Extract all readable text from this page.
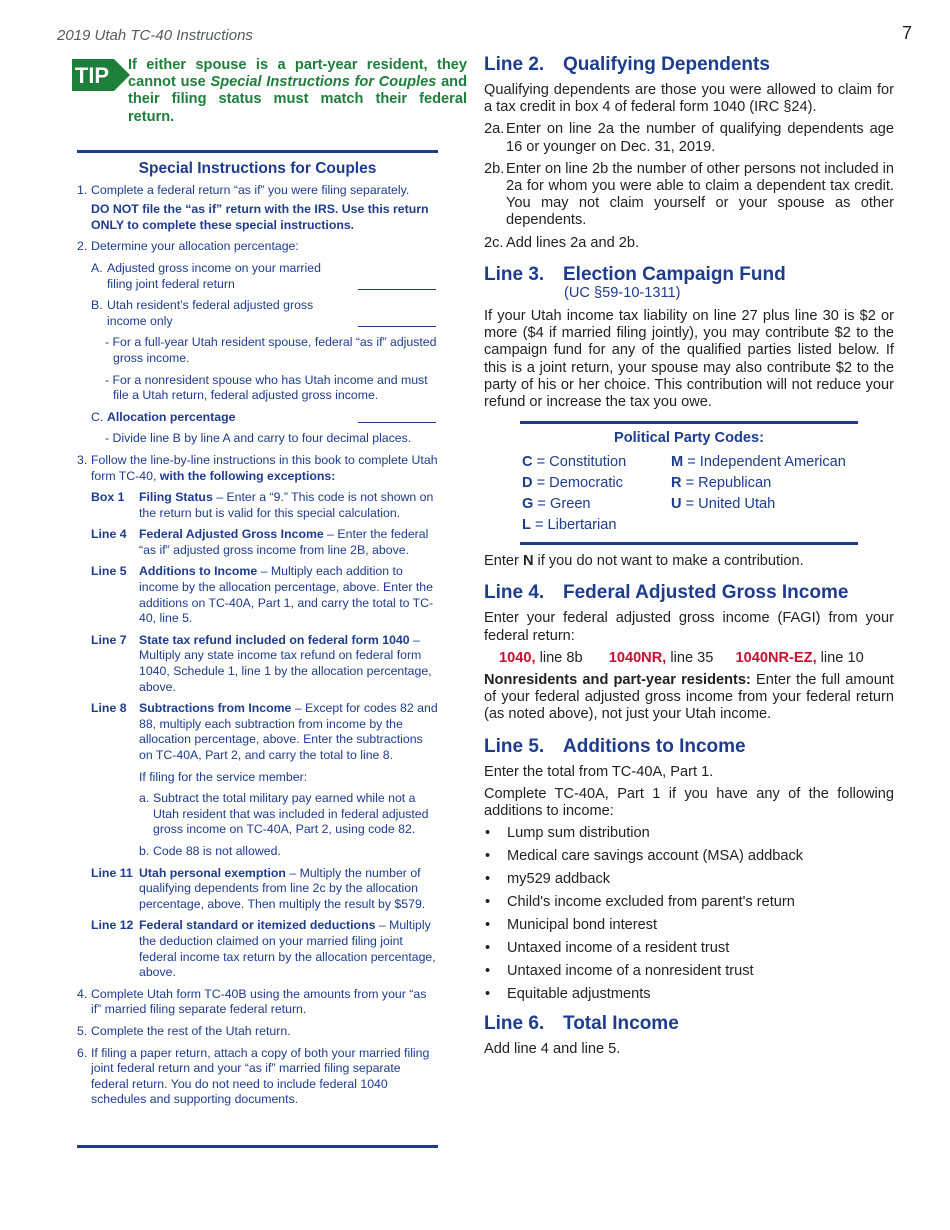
2019 Utah TC-40 Instructions	7
TIP If either spouse is a part-year resident, they cannot use Special Instructions for Couples and their filing status must match their federal return.
Special Instructions for Couples
1. Complete a federal return “as if” you were filing separately.
DO NOT file the “as if” return with the IRS. Use this return ONLY to complete these special instructions.
2. Determine your allocation percentage:
A. Adjusted gross income on your married filing joint federal return
B. Utah resident’s federal adjusted gross income only
- For a full-year Utah resident spouse, federal “as if” adjusted gross income.
- For a nonresident spouse who has Utah income and must file a Utah return, federal adjusted gross income.
C. Allocation percentage
- Divide line B by line A and carry to four decimal places.
3. Follow the line-by-line instructions in this book to complete Utah form TC-40, with the following exceptions:
Box 1 Filing Status – Enter a “9.” This code is not shown on the return but is valid for this special calculation.
Line 4 Federal Adjusted Gross Income – Enter the federal “as if” adjusted gross income from line 2B, above.
Line 5 Additions to Income – Multiply each addition to income by the allocation percentage, above. Enter the additions on TC-40A, Part 1, and carry the total to TC-40, line 5.
Line 7 State tax refund included on federal form 1040 – Multiply any state income tax refund on federal form 1040, Schedule 1, line 1 by the allocation percentage, above.
Line 8 Subtractions from Income – Except for codes 82 and 88, multiply each subtraction from income by the allocation percentage, above. Enter the subtractions on TC-40A, Part 2, and carry the total to line 8.
If filing for the service member:
a. Subtract the total military pay earned while not a Utah resident that was included in federal adjusted gross income on TC-40A, Part 2, using code 82.
b. Code 88 is not allowed.
Line 11 Utah personal exemption – Multiply the number of qualifying dependents from line 2c by the allocation percentage, above. Then multiply the result by $579.
Line 12 Federal standard or itemized deductions – Multiply the deduction claimed on your married filing joint federal income tax return by the allocation percentage, above.
4. Complete Utah form TC-40B using the amounts from your “as if” married filing separate federal return.
5. Complete the rest of the Utah return.
6. If filing a paper return, attach a copy of both your married filing joint federal return and your “as if” married filing separate federal return. You do not need to include federal 1040 schedules and supporting documents.
Line 2. Qualifying Dependents

Qualifying dependents are those you were allowed to claim for a tax credit in box 4 of federal form 1040 (IRC §24).

2a. Enter on line 2a the number of qualifying dependents age 16 or younger on Dec. 31, 2019.
2b. Enter on line 2b the number of other persons not included in 2a for whom you were able to claim a dependent tax credit. You may not claim yourself or your spouse as other dependents.
2c. Add lines 2a and 2b.
Line 3. Election Campaign Fund
(UC §59-10-1311)

If your Utah income tax liability on line 27 plus line 30 is $2 or more ($4 if married filing jointly), you may contribute $2 to the campaign fund for any of the qualified parties listed below. If this is a joint return, your spouse may also contribute $2 to the party of his or her choice. This contribution will not reduce your refund or increase the tax you owe.

Political Party Codes:
C = Constitution	M = Independent American
D = Democratic	R = Republican
G = Green	U = United Utah
L = Libertarian

Enter N if you do not want to make a contribution.

Line 4. Federal Adjusted Gross Income

Enter your federal adjusted gross income (FAGI) from your federal return:

1040, line 8b 1040NR, line 35 1040NR-EZ, line 10

Nonresidents and part-year residents: Enter the full amount of your federal adjusted gross income from your federal return (as noted above), not just your Utah income.

Line 5. Additions to Income

Enter the total from TC-40A, Part 1.

Complete TC-40A, Part 1 if you have any of the following additions to income:

• Lump sum distribution
• Medical care savings account (MSA) addback
• my529 addback
• Child's income excluded from parent's return
• Municipal bond interest
• Untaxed income of a resident trust
• Untaxed income of a nonresident trust
• Equitable adjustments
Line 6. Total Income

Add line 4 and line 5.
